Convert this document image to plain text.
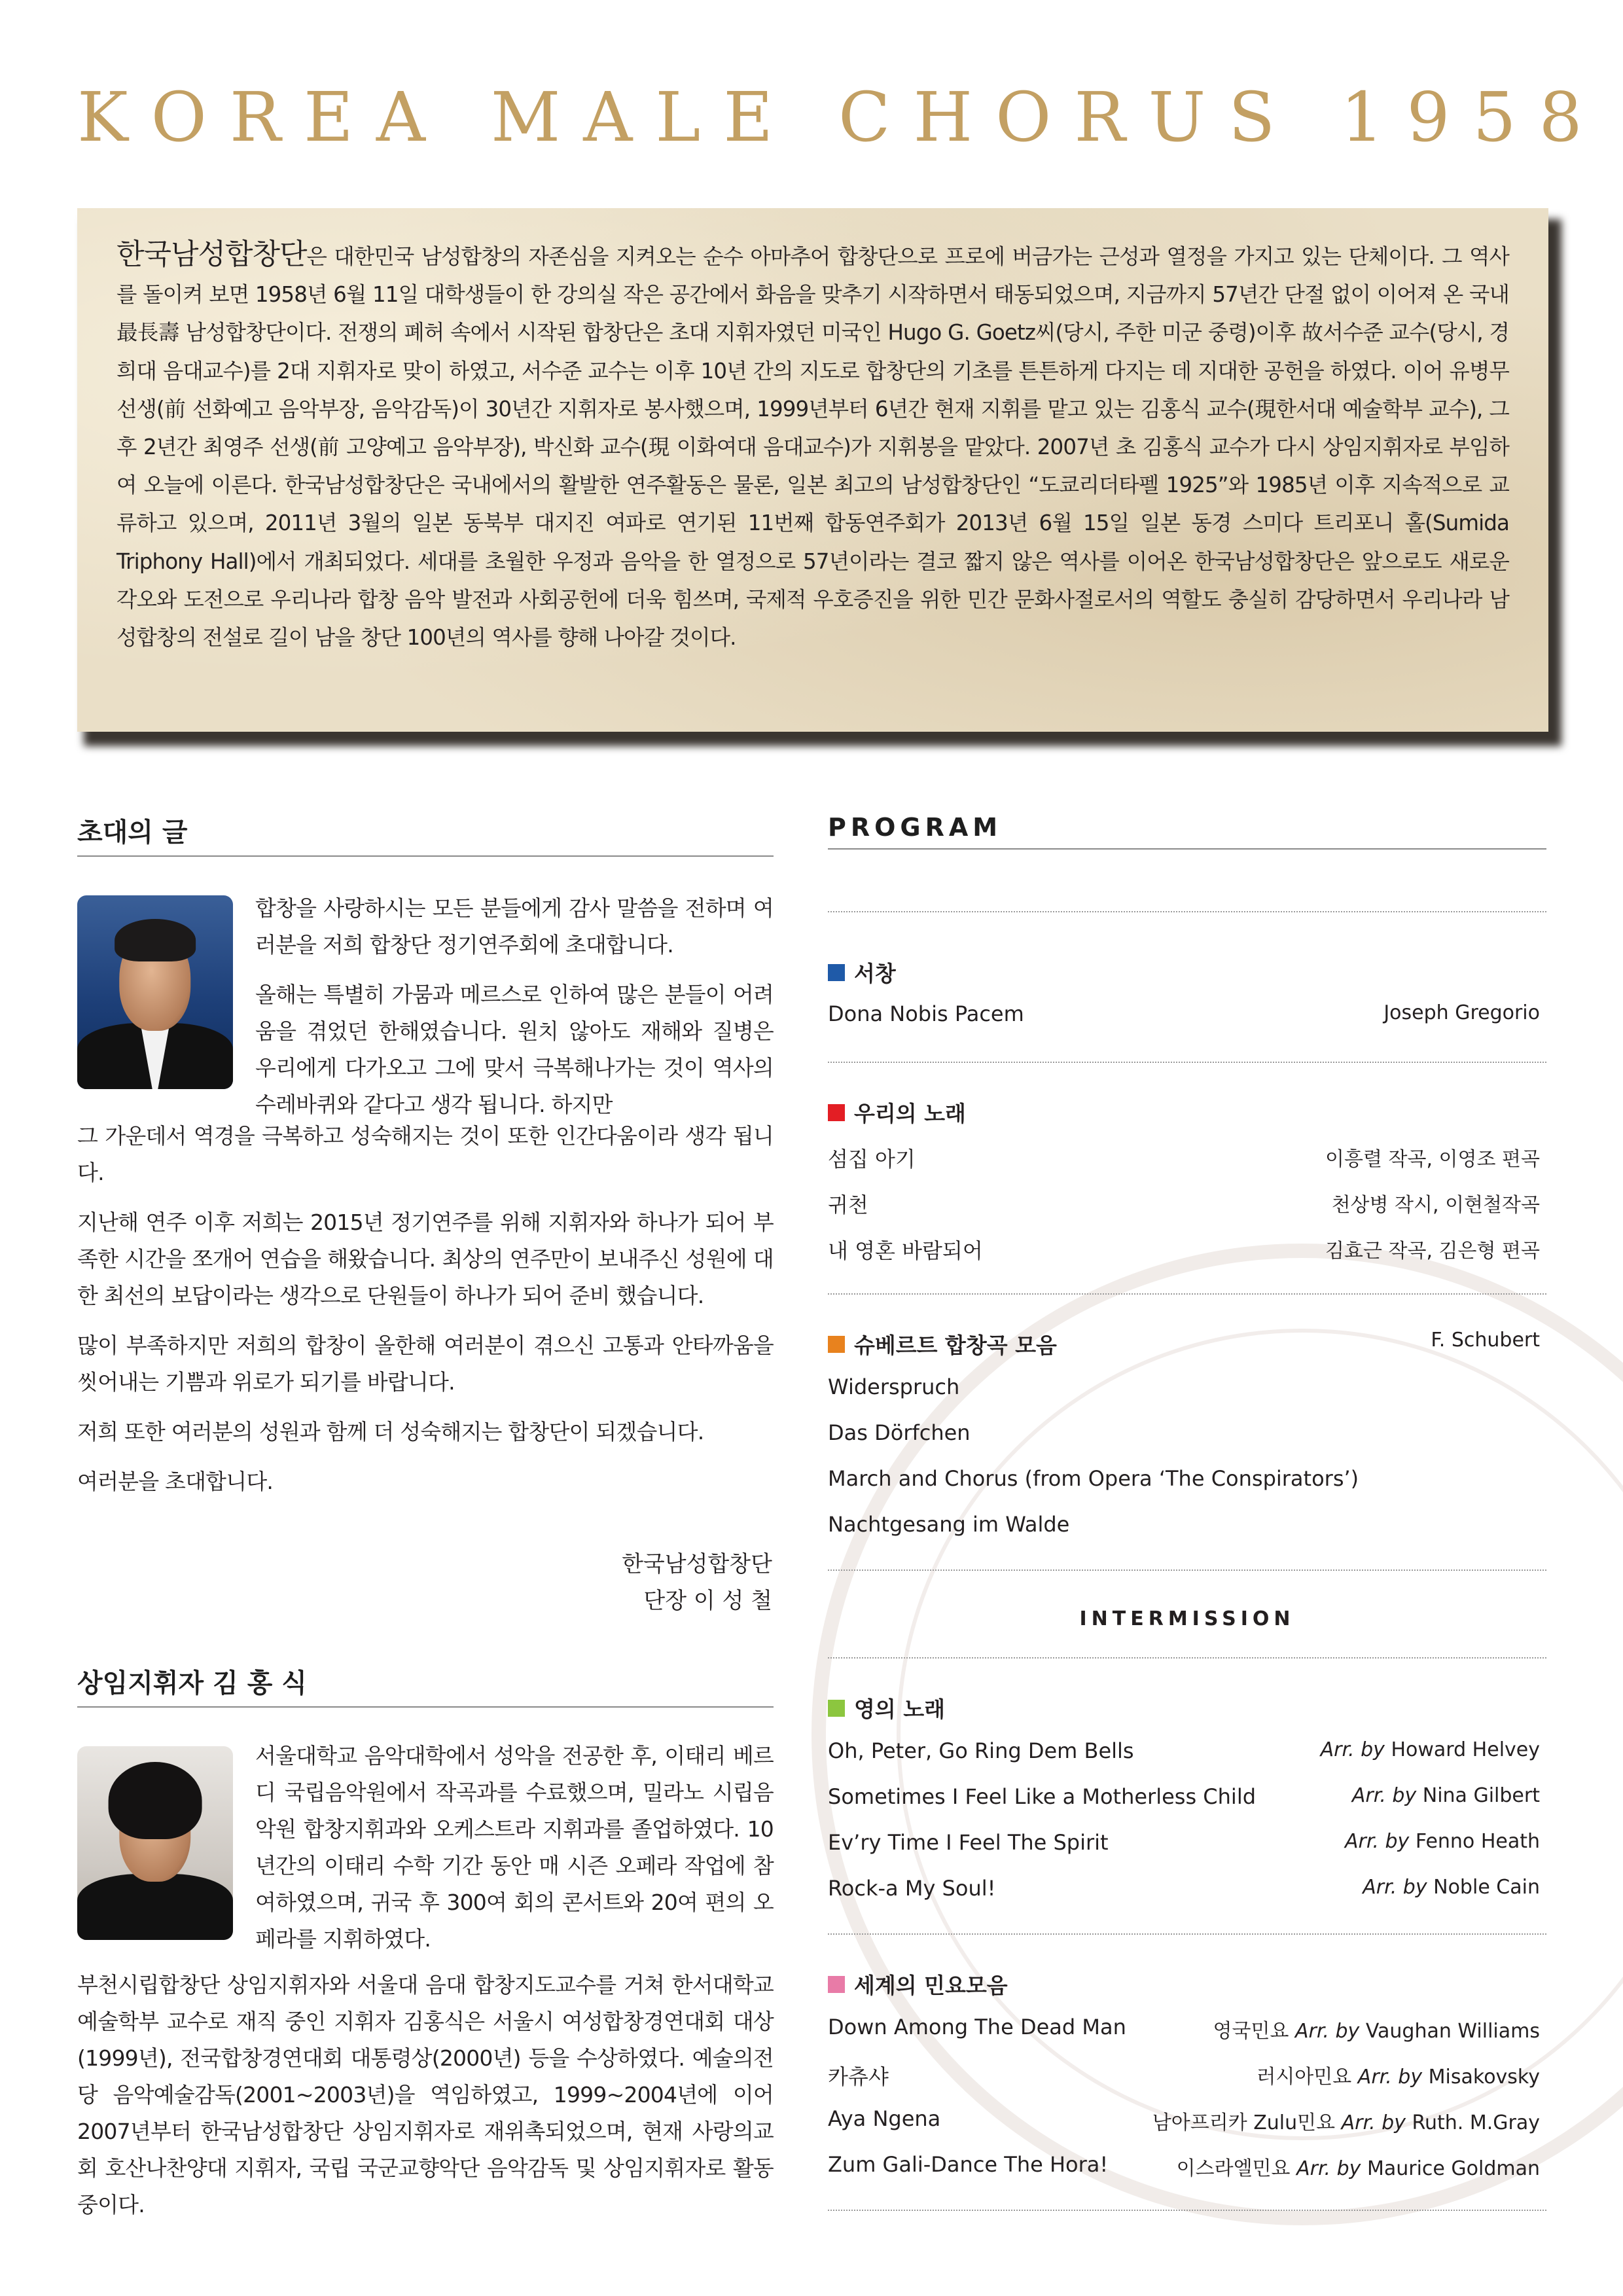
K O R E A M A L E C H O R U S 1 9 5 8
한국남성합창단은 대한민국 남성합창의 자존심을 지켜오는 순수 아마추어 합창단으로 프로에 버금가는 근성과 열정을 가지고 있는 단체이다. 그 역사를 돌이켜 보면 1958년 6월 11일 대학생들이 한 강의실 작은 공간에서 화음을 맞추기 시작하면서 태동되었으며, 지금까지 57년간 단절 없이 이어져 온 국내 最長壽 남성합창단이다. 전쟁의 폐허 속에서 시작된 합창단은 초대 지휘자였던 미국인 Hugo G. Goetz씨(당시, 주한 미군 중령)이후 故서수준 교수(당시, 경희대 음대교수)를 2대 지휘자로 맞이 하였고, 서수준 교수는 이후 10년 간의 지도로 합창단의 기초를 튼튼하게 다지는 데 지대한 공헌을 하였다. 이어 유병무 선생(前 선화예고 음악부장, 음악감독)이 30년간 지휘자로 봉사했으며, 1999년부터 6년간 현재 지휘를 맡고 있는 김홍식 교수(現한서대 예술학부 교수), 그 후 2년간 최영주 선생(前 고양예고 음악부장), 박신화 교수(現 이화여대 음대교수)가 지휘봉을 맡았다. 2007년 초 김홍식 교수가 다시 상임지휘자로 부임하여 오늘에 이른다. 한국남성합창단은 국내에서의 활발한 연주활동은 물론, 일본 최고의 남성합창단인 “도쿄리더타펠 1925”와 1985년 이후 지속적으로 교류하고 있으며, 2011년 3월의 일본 동북부 대지진 여파로 연기된 11번째 합동연주회가 2013년 6월 15일 일본 동경 스미다 트리포니 홀(Sumida Triphony Hall)에서 개최되었다. 세대를 초월한 우정과 음악을 한 열정으로 57년이라는 결코 짧지 않은 역사를 이어온 한국남성합창단은 앞으로도 새로운 각오와 도전으로 우리나라 합창 음악 발전과 사회공헌에 더욱 힘쓰며, 국제적 우호증진을 위한 민간 문화사절로서의 역할도 충실히 감당하면서 우리나라 남성합창의 전설로 길이 남을 창단 100년의 역사를 향해 나아갈 것이다.
초대의 글

합창을 사랑하시는 모든 분들에게 감사 말씀을 전하며 여러분을 저희 합창단 정기연주회에 초대합니다.

올해는 특별히 가뭄과 메르스로 인하여 많은 분들이 어려움을 겪었던 한해였습니다. 원치 않아도 재해와 질병은 우리에게 다가오고 그에 맞서 극복해나가는 것이 역사의 수레바퀴와 같다고 생각 됩니다. 하지만

그 가운데서 역경을 극복하고 성숙해지는 것이 또한 인간다움이라 생각 됩니다.

지난해 연주 이후 저희는 2015년 정기연주를 위해 지휘자와 하나가 되어 부족한 시간을 쪼개어 연습을 해왔습니다. 최상의 연주만이 보내주신 성원에 대한 최선의 보답이라는 생각으로 단원들이 하나가 되어 준비 했습니다.

많이 부족하지만 저희의 합창이 올한해 여러분이 겪으신 고통과 안타까움을 씻어내는 기쁨과 위로가 되기를 바랍니다.

저희 또한 여러분의 성원과 함께 더 성숙해지는 합창단이 되겠습니다.

여러분을 초대합니다.

한국남성합창단
단장 이 성 철
상임지휘자 김 홍 식

서울대학교 음악대학에서 성악을 전공한 후, 이태리 베르디 국립음악원에서 작곡과를 수료했으며, 밀라노 시립음악원 합창지휘과와 오케스트라 지휘과를 졸업하였다. 10년간의 이태리 수학 기간 동안 매 시즌 오페라 작업에 참여하였으며, 귀국 후 300여 회의 콘서트와 20여 편의 오페라를 지휘하였다.

부천시립합창단 상임지휘자와 서울대 음대 합창지도교수를 거쳐 한서대학교 예술학부 교수로 재직 중인 지휘자 김홍식은 서울시 여성합창경연대회 대상(1999년), 전국합창경연대회 대통령상(2000년) 등을 수상하였다. 예술의전당 음악예술감독(2001~2003년)을 역임하였고, 1999~2004년에 이어 2007년부터 한국남성합창단 상임지휘자로 재위촉되었으며, 현재 사랑의교회 호산나찬양대 지휘자, 국립 국군교향악단 음악감독 및 상임지휘자로 활동 중이다.

PROGRAM
서창
Dona Nobis Pacem	Joseph Gregorio
우리의 노래
섬집 아기	이흥렬 작곡, 이영조 편곡
귀천	천상병 작시, 이현철작곡
내 영혼 바람되어	김효근 작곡, 김은형 편곡
슈베르트 합창곡 모음	F. Schubert
Widerspruch
Das Dörfchen
March and Chorus (from Opera ‘The Conspirators’)
Nachtgesang im Walde
INTERMISSION
영의 노래
Oh, Peter, Go Ring Dem Bells	Arr. by Howard Helvey
Sometimes I Feel Like a Motherless Child	Arr. by Nina Gilbert
Ev’ry Time I Feel The Spirit	Arr. by Fenno Heath
Rock-a My Soul!	Arr. by Noble Cain
세계의 민요모음
Down Among The Dead Man	영국민요 Arr. by Vaughan Williams
카츄샤	러시아민요 Arr. by Misakovsky
Aya Ngena	남아프리카 Zulu민요 Arr. by Ruth. M.Gray
Zum Gali-Dance The Hora!	이스라엘민요 Arr. by Maurice Goldman
